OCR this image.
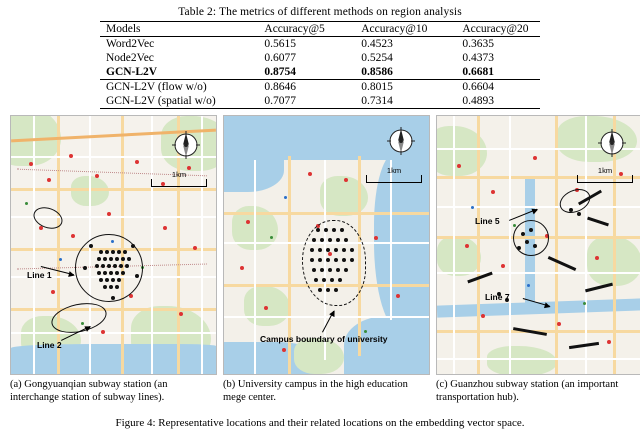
Table 2: The metrics of different methods on region analysis
Models	Accuracy@5	Accuracy@10	Accuracy@20
Word2Vec	0.5615	0.4523	0.3635
Node2Vec	0.6077	0.5254	0.4373
GCN-L2V	0.8754	0.8586	0.6681
GCN-L2V (flow w/o)	0.8646	0.8015	0.6604
GCN-L2V (spatial w/o)	0.7077	0.7314	0.4893
Line 1
Line 2
1km
(a) Gongyuanqian subway station (an interchange station of subway lines).
Campus boundary of university
1km
(b) University campus in the high education mege center.
Line 5
Line 7
1km
(c) Guanzhou subway station (an important transportation hub).
Figure 4: Representative locations and their related locations on the embedding vector space.
